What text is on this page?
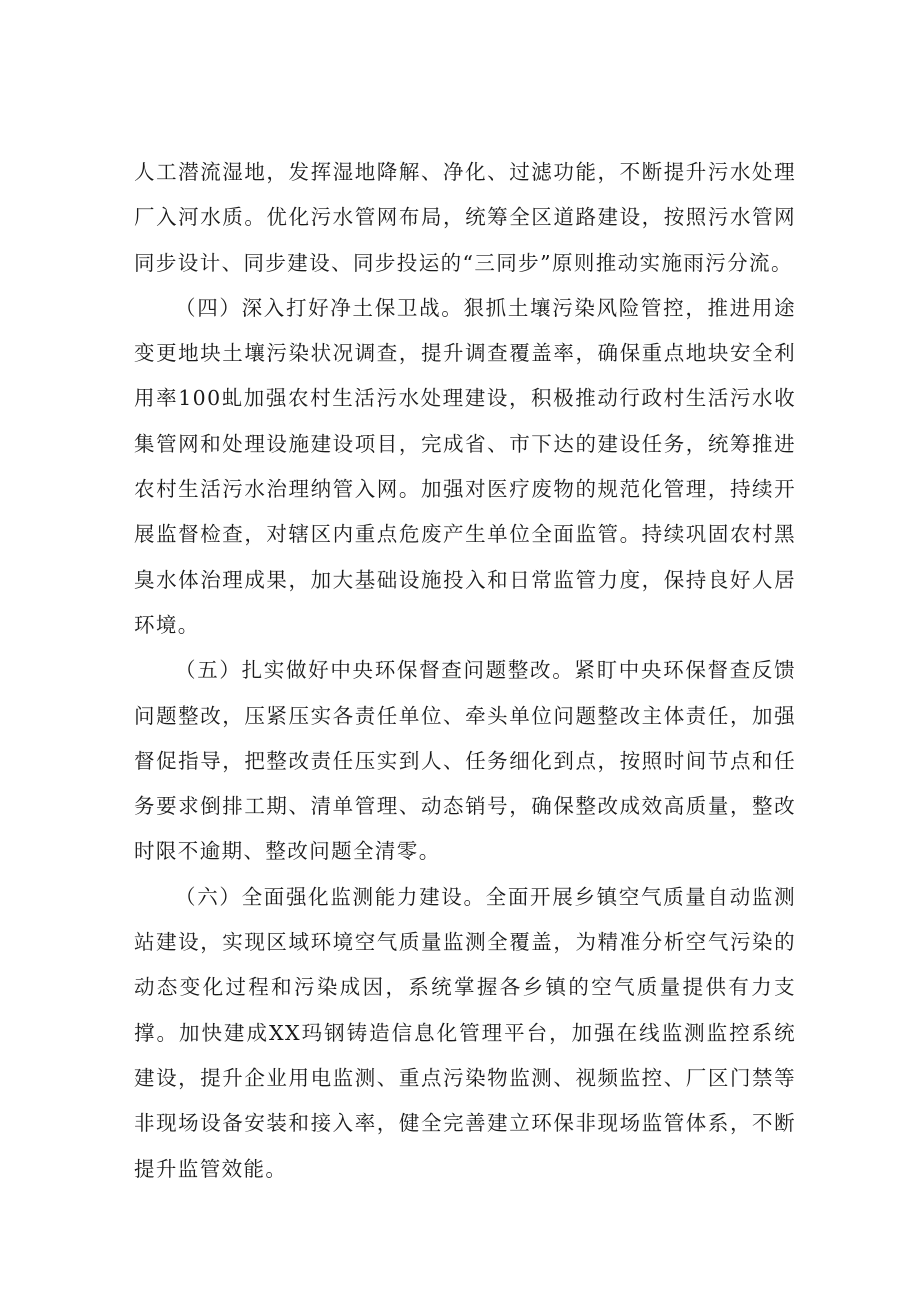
人工潜流湿地，发挥湿地降解、净化、过滤功能，不断提升污水处理厂入河水质。优化污水管网布局，统筹全区道路建设，按照污水管网同步设计、同步建设、同步投运的“三同步”原则推动实施雨污分流。

（四）深入打好净土保卫战。狠抓土壤污染风险管控，推进用途变更地块土壤污染状况调查，提升调查覆盖率，确保重点地块安全利用率100虬加强农村生活污水处理建设，积极推动行政村生活污水收集管网和处理设施建设项目，完成省、市下达的建设任务，统筹推进农村生活污水治理纳管入网。加强对医疗废物的规范化管理，持续开展监督检查，对辖区内重点危废产生单位全面监管。持续巩固农村黑臭水体治理成果，加大基础设施投入和日常监管力度，保持良好人居环境。

（五）扎实做好中央环保督查问题整改。紧盯中央环保督查反馈问题整改，压紧压实各责任单位、牵头单位问题整改主体责任，加强督促指导，把整改责任压实到人、任务细化到点，按照时间节点和任务要求倒排工期、清单管理、动态销号，确保整改成效高质量，整改时限不逾期、整改问题全清零。

（六）全面强化监测能力建设。全面开展乡镇空气质量自动监测站建设，实现区域环境空气质量监测全覆盖，为精准分析空气污染的动态变化过程和污染成因，系统掌握各乡镇的空气质量提供有力支撑。加快建成XX玛钢铸造信息化管理平台，加强在线监测监控系统建设，提升企业用电监测、重点污染物监测、视频监控、厂区门禁等非现场设备安装和接入率，健全完善建立环保非现场监管体系，不断提升监管效能。
